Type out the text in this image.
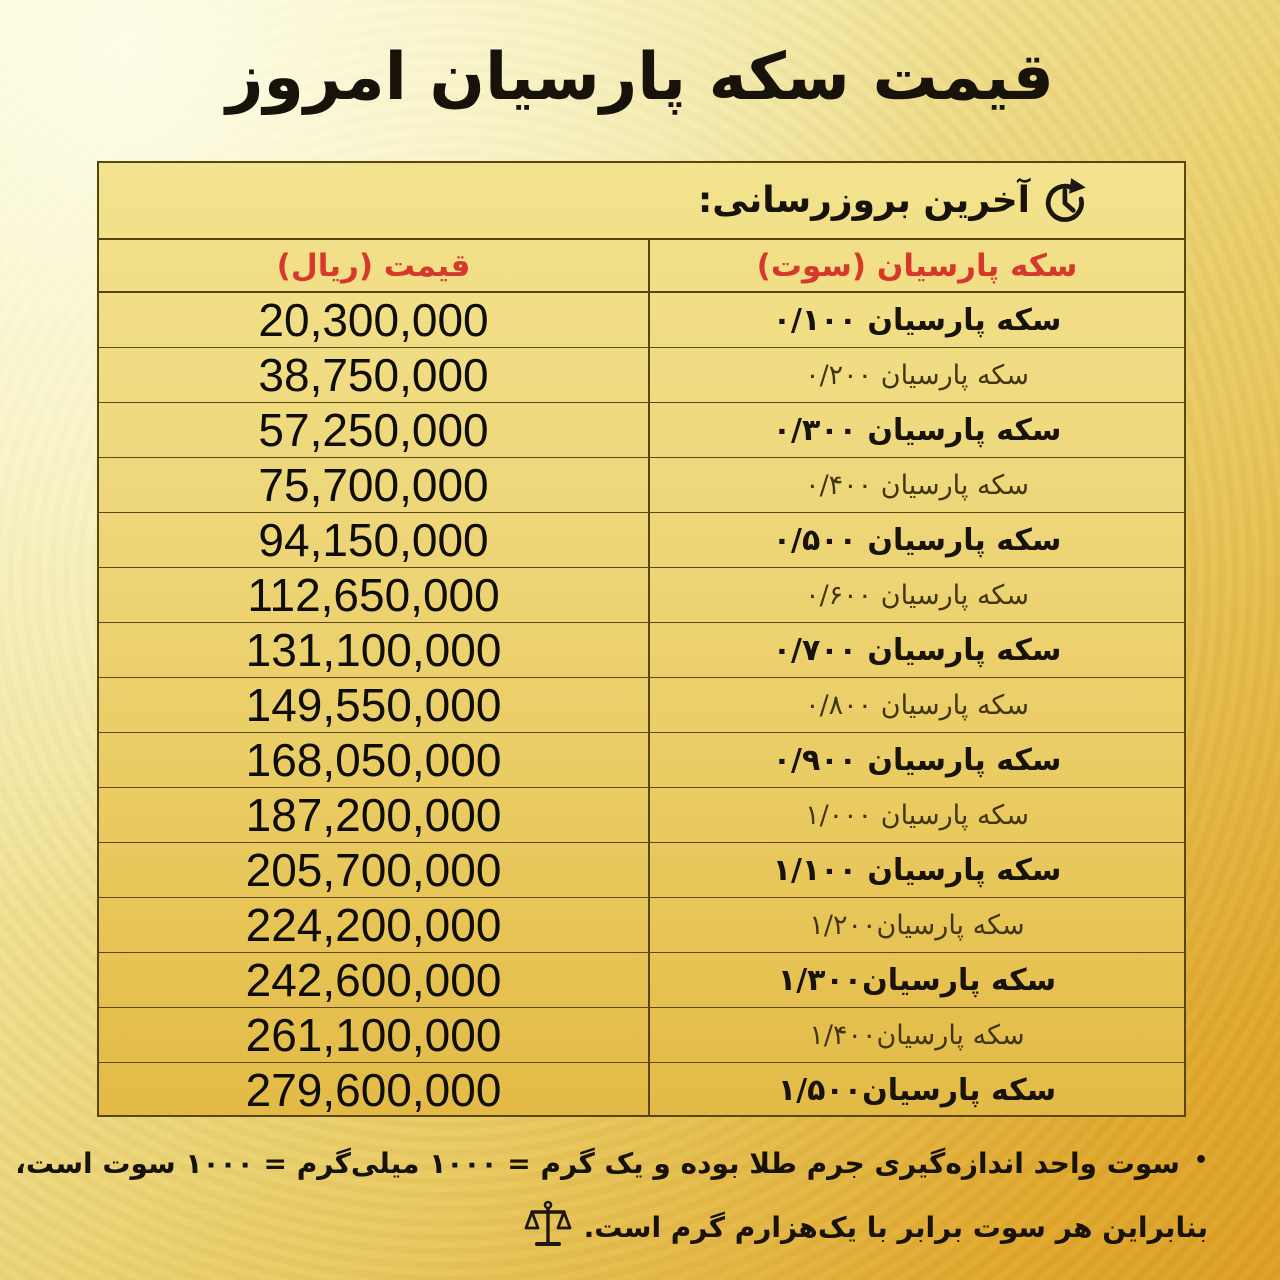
قیمت سکه پارسیان امروز
آخرین بروزرسانی:
سکه پارسیان (سوت)
قیمت (ریال)
سکه پارسیان ۰/۱۰۰
20,300,000
سکه پارسیان ۰/۲۰۰
38,750,000
سکه پارسیان ۰/۳۰۰
57,250,000
سکه پارسیان ۰/۴۰۰
75,700,000
سکه پارسیان ۰/۵۰۰
94,150,000
سکه پارسیان ۰/۶۰۰
112,650,000
سکه پارسیان ۰/۷۰۰
131,100,000
سکه پارسیان ۰/۸۰۰
149,550,000
سکه پارسیان ۰/۹۰۰
168,050,000
سکه پارسیان ۱/۰۰۰
187,200,000
سکه پارسیان ۱/۱۰۰
205,700,000
سکه پارسیان۱/۲۰۰
224,200,000
سکه پارسیان۱/۳۰۰
242,600,000
سکه پارسیان۱/۴۰۰
261,100,000
سکه پارسیان۱/۵۰۰
279,600,000
•سوت واحد اندازه‌گیری جرم طلا بوده و یک گرم = ۱۰۰۰ میلی‌گرم = ۱۰۰۰ سوت است،
بنابراین هر سوت برابر با یک‌هزارم گرم است.
